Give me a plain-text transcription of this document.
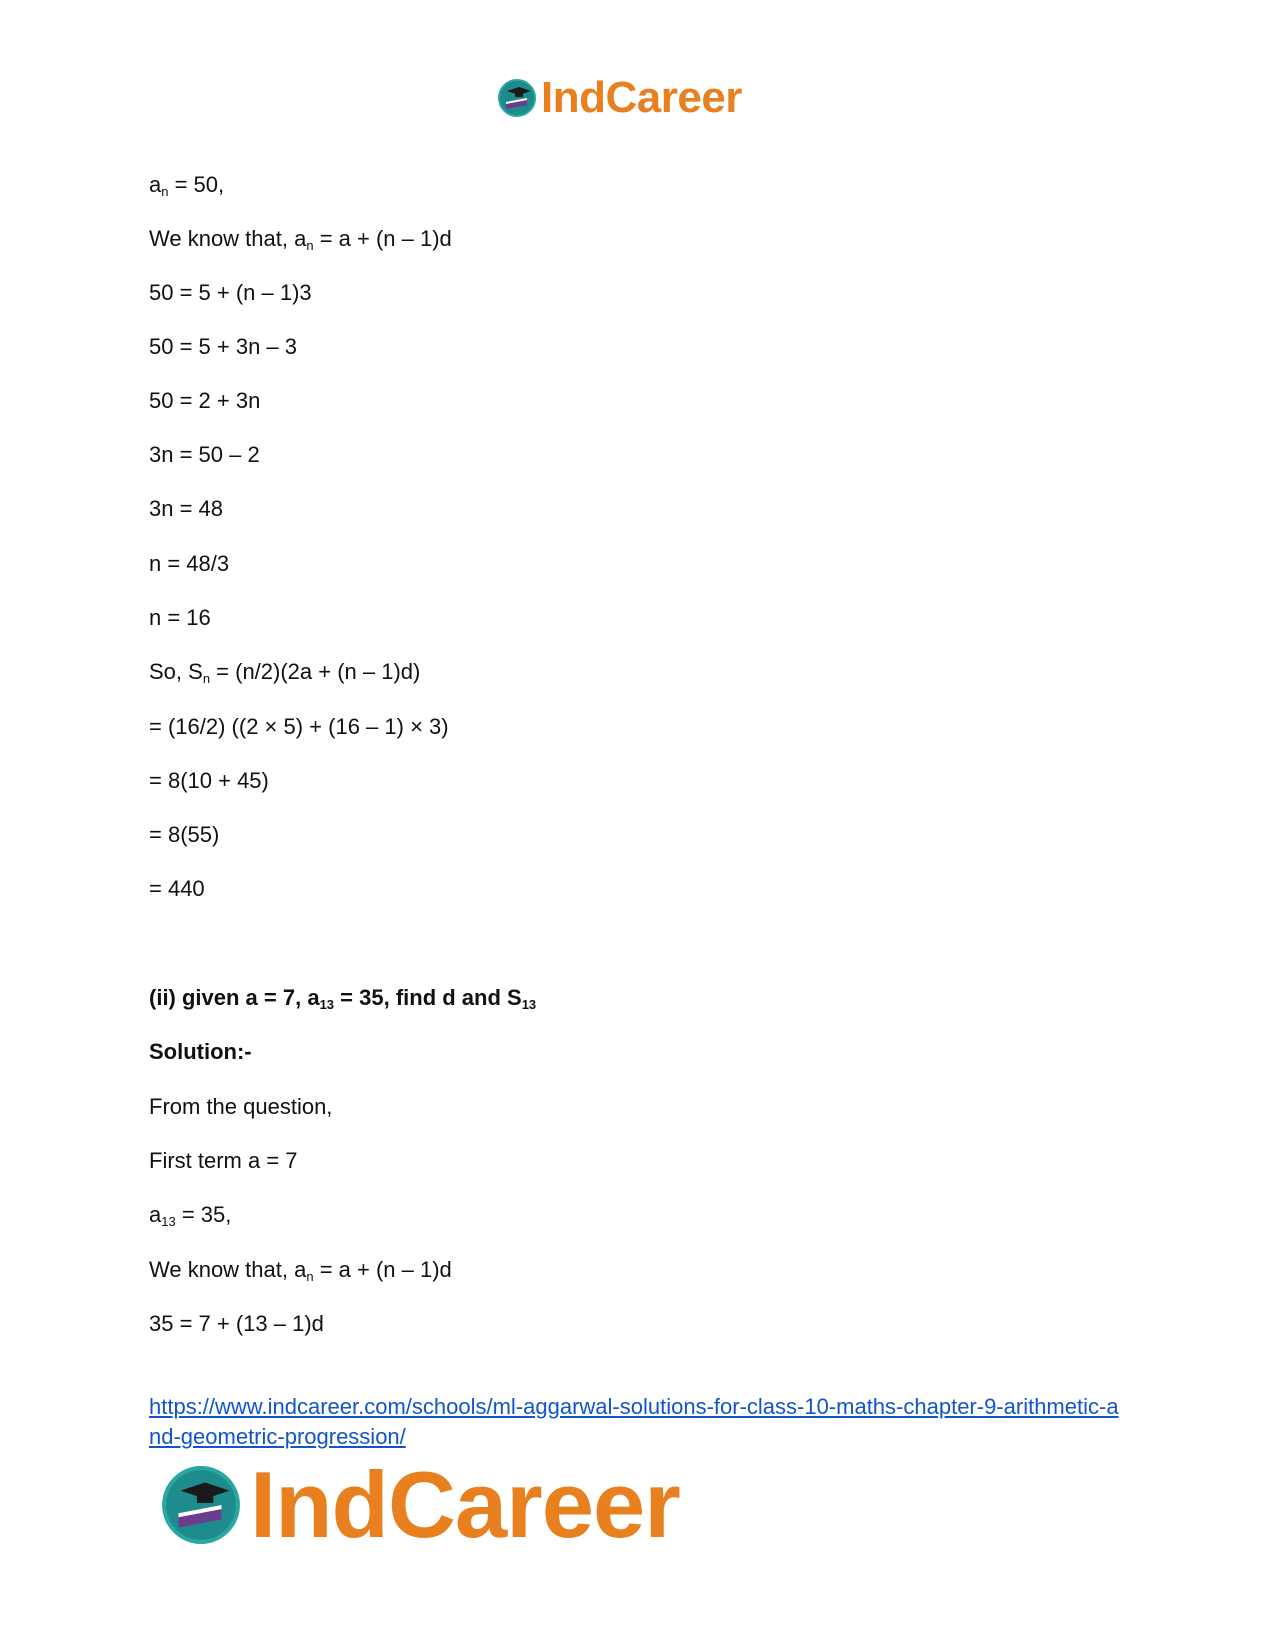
IndCareer
$a_n = 50$,
We know that, $a_n = a + (n - 1)d$
50 = 5 + (n – 1)3
50 = 5 + 3n – 3
50 = 2 + 3n
3n = 50 – 2
3n = 48
n = 48/3
n = 16
So, $S_n = (n/2)(2a + (n - 1)d)$
= (16/2) ((2 × 5) + (16 – 1) × 3)
= 8(10 + 45)
= 8(55)
= 440
(ii) given a = 7, $a_{13} = 35$, find d and $S_{13}$
Solution:-
From the question,
First term a = 7
$a_{13} = 35$,
We know that, $a_n = a + (n - 1)d$
35 = 7 + (13 – 1)d
https://www.indcareer.com/schools/ml-aggarwal-solutions-for-class-10-maths-chapter-9-arithmetic-and-geometric-progression/
IndCareer
